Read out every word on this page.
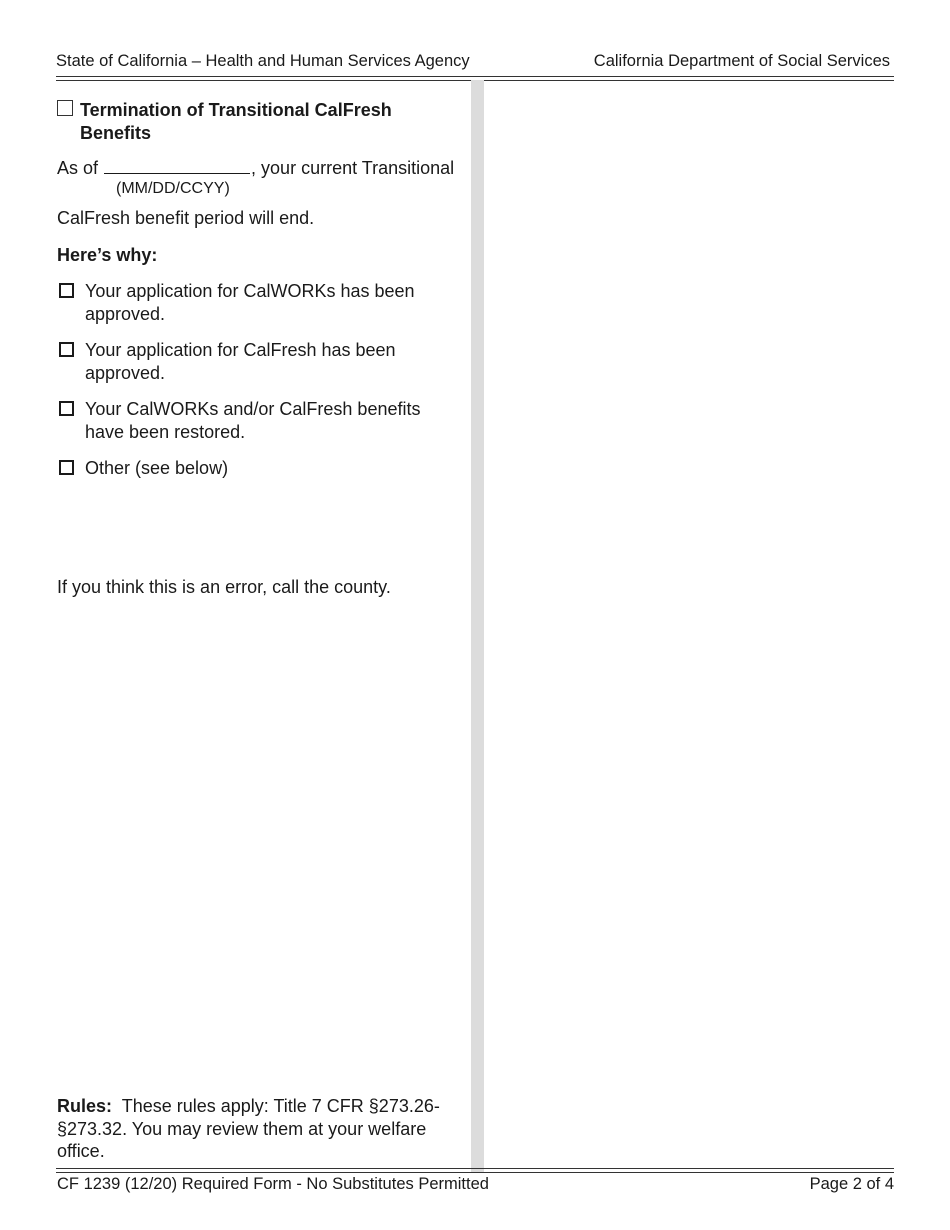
State of California – Health and Human Services Agency	California Department of Social Services
Termination of Transitional CalFresh Benefits
As of	, your current Transitional
(MM/DD/CCYY)
CalFresh benefit period will end.
Here’s why:
Your application for CalWORKs has been approved.
Your application for CalFresh has been approved.
Your CalWORKs and/or CalFresh benefits have been restored.
Other (see below)
If you think this is an error, call the county.
Rules: These rules apply: Title 7 CFR §273.26-§273.32. You may review them at your welfare office.
CF 1239 (12/20) Required Form - No Substitutes Permitted	Page 2 of 4
